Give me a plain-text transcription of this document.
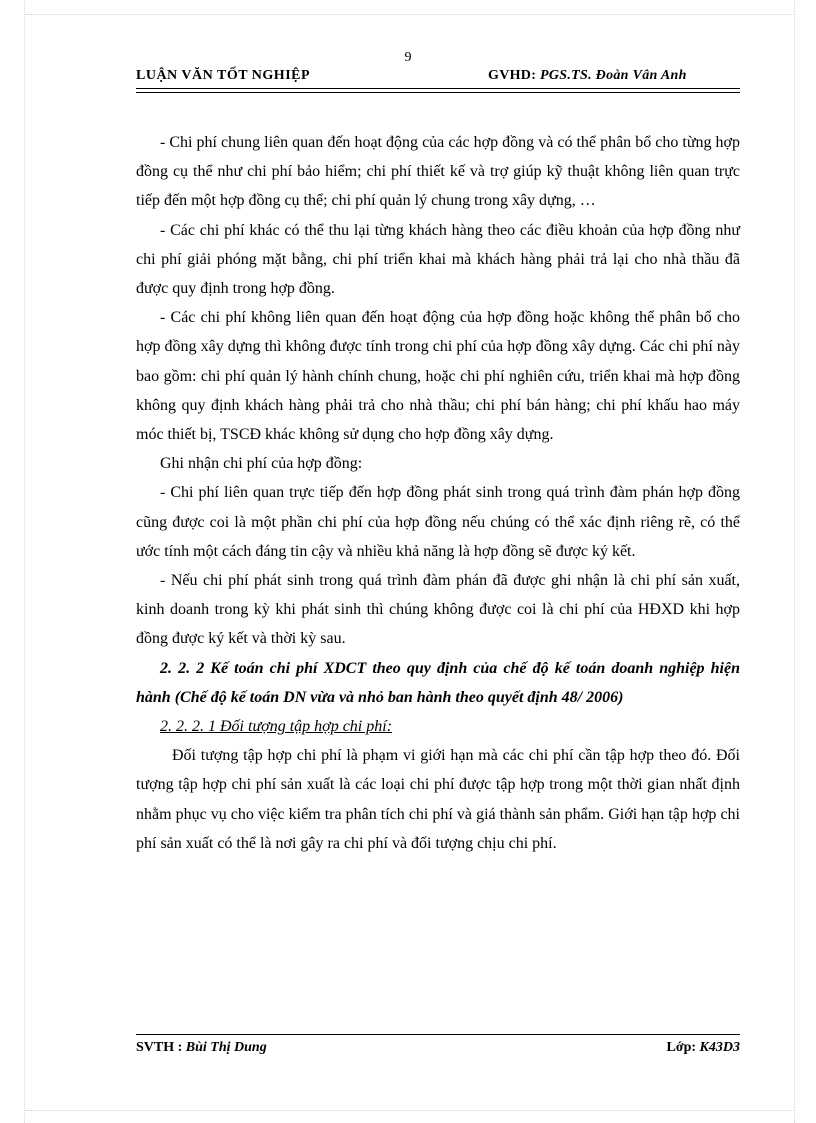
9
LUẬN VĂN TỐT NGHIỆP	GVHD: PGS.TS. Đoàn Vân Anh

- Chi phí chung liên quan đến hoạt động của các hợp đồng và có thể phân bổ cho từng hợp đồng cụ thể như chi phí bảo hiểm; chi phí thiết kế và trợ giúp kỹ thuật không liên quan trực tiếp đến một hợp đồng cụ thể; chi phí quản lý chung trong xây dựng, …

- Các chi phí khác có thể thu lại từng khách hàng theo các điều khoản của hợp đồng như chi phí giải phóng mặt bằng, chi phí triển khai mà khách hàng phải trả lại cho nhà thầu đã được quy định trong hợp đồng.

- Các chi phí không liên quan đến hoạt động của hợp đồng hoặc không thể phân bổ cho hợp đồng xây dựng thì không được tính trong chi phí của hợp đồng xây dựng. Các chi phí này bao gồm: chi phí quản lý hành chính chung, hoặc chi phí nghiên cứu, triển khai mà hợp đồng không quy định khách hàng phải trả cho nhà thầu; chi phí bán hàng; chi phí khấu hao máy móc thiết bị, TSCĐ khác không sử dụng cho hợp đồng xây dựng.

Ghi nhận chi phí của hợp đồng:

- Chi phí liên quan trực tiếp đến hợp đồng phát sinh trong quá trình đàm phán hợp đồng cũng được coi là một phần chi phí của hợp đồng nếu chúng có thể xác định riêng rẽ, có thể ước tính một cách đáng tin cậy và nhiều khả năng là hợp đồng sẽ được ký kết.

- Nếu chi phí phát sinh trong quá trình đàm phán đã được ghi nhận là chi phí sản xuất, kinh doanh trong kỳ khi phát sinh thì chúng không được coi là chi phí của HĐXD khi hợp đồng được ký kết và thời kỳ sau.

2. 2. 2 Kế toán chi phí XDCT theo quy định của chế độ kế toán doanh nghiệp hiện hành (Chế độ kế toán DN vừa và nhỏ ban hành theo quyết định 48/ 2006)

2. 2. 2. 1 Đối tượng tập hợp chi phí:

Đối tượng tập hợp chi phí là phạm vi giới hạn mà các chi phí cần tập hợp theo đó. Đối tượng tập hợp chi phí sản xuất là các loại chi phí được tập hợp trong một thời gian nhất định nhằm phục vụ cho việc kiểm tra phân tích chi phí và giá thành sản phẩm. Giới hạn tập hợp chi phí sản xuất có thể là nơi gây ra chi phí và đối tượng chịu chi phí.

SVTH : Bùi Thị Dung	Lớp: K43D3
